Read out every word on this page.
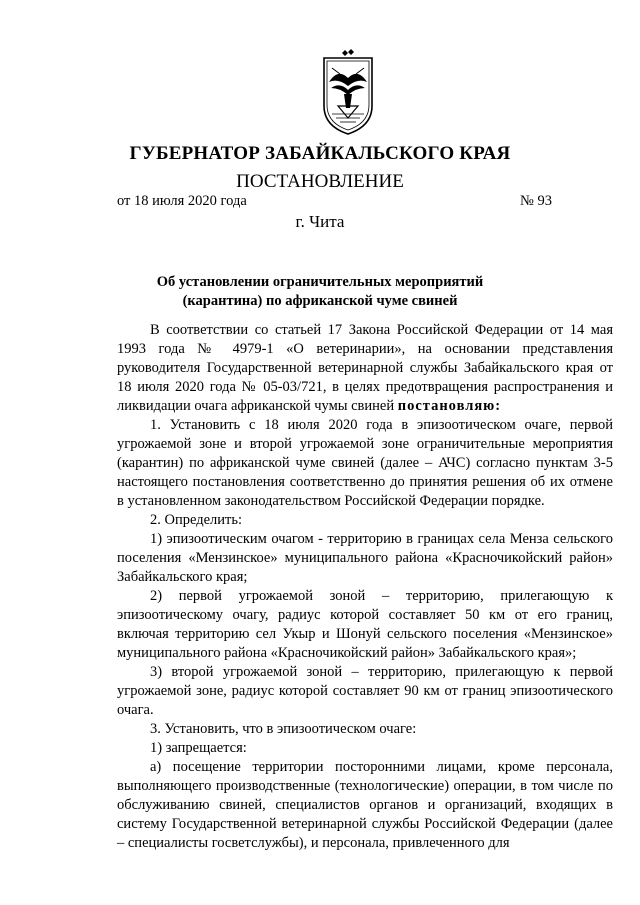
ГУБЕРНАТОР ЗАБАЙКАЛЬСКОГО КРАЯ
ПОСТАНОВЛЕНИЕ
от 18 июля 2020 года	№ 93
г. Чита
Об установлении ограничительных мероприятий (карантина) по африканской чуме свиней

В соответствии со статьей 17 Закона Российской Федерации от 14 мая 1993 года № 4979-1 «О ветеринарии», на основании представления руководителя Государственной ветеринарной службы Забайкальского края от 18 июля 2020 года № 05-03/721, в целях предотвращения распространения и ликвидации очага африканской чумы свиней постановляю:

1. Установить с 18 июля 2020 года в эпизоотическом очаге, первой угрожаемой зоне и второй угрожаемой зоне ограничительные мероприятия (карантин) по африканской чуме свиней (далее – АЧС) согласно пунктам 3-5 настоящего постановления соответственно до принятия решения об их отмене в установленном законодательством Российской Федерации порядке.

2. Определить:

1) эпизоотическим очагом - территорию в границах села Менза сельского поселения «Мензинское» муниципального района «Красночикойский район» Забайкальского края;

2) первой угрожаемой зоной – территорию, прилегающую к эпизоотическому очагу, радиус которой составляет 50 км от его границ, включая территорию сел Укыр и Шонуй сельского поселения «Мензинское» муниципального района «Красночикойский район» Забайкальского края»;

3) второй угрожаемой зоной – территорию, прилегающую к первой угрожаемой зоне, радиус которой составляет 90 км от границ эпизоотического очага.

3. Установить, что в эпизоотическом очаге:

1) запрещается:

а) посещение территории посторонними лицами, кроме персонала, выполняющего производственные (технологические) операции, в том числе по обслуживанию свиней, специалистов органов и организаций, входящих в систему Государственной ветеринарной службы Российской Федерации (далее – специалисты госветслужбы), и персонала, привлеченного для
